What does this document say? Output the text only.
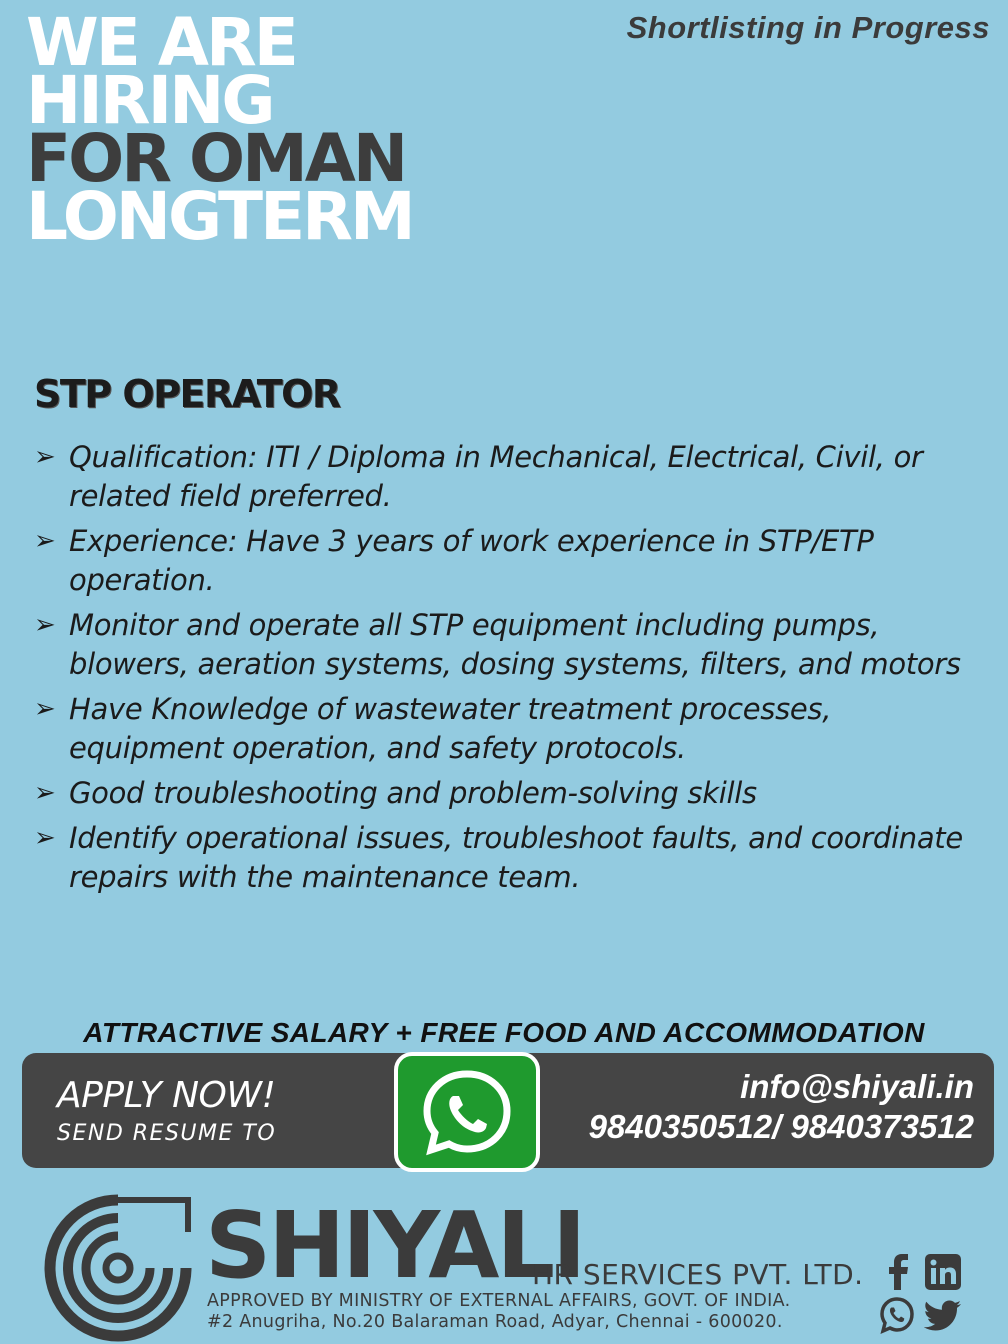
Shortlisting in Progress
WE ARE
HIRING
FOR OMAN
LONGTERM
STP OPERATOR
➢ Qualification: ITI / Diploma in Mechanical, Electrical, Civil, or related field preferred.
➢ Experience: Have 3 years of work experience in STP/ETP operation.
➢ Monitor and operate all STP equipment including pumps, blowers, aeration systems, dosing systems, filters, and motors
➢ Have Knowledge of wastewater treatment processes, equipment operation, and safety protocols.
➢ Good troubleshooting and problem-solving skills
➢ Identify operational issues, troubleshoot faults, and coordinate repairs with the maintenance team.
ATTRACTIVE SALARY + FREE FOOD AND ACCOMMODATION
APPLY NOW!
SEND RESUME TO
info@shiyali.in
9840350512/ 9840373512
SHIYALI
HR SERVICES PVT. LTD.
APPROVED BY MINISTRY OF EXTERNAL AFFAIRS, GOVT. OF INDIA.
#2 Anugriha, No.20 Balaraman Road, Adyar, Chennai - 600020.
